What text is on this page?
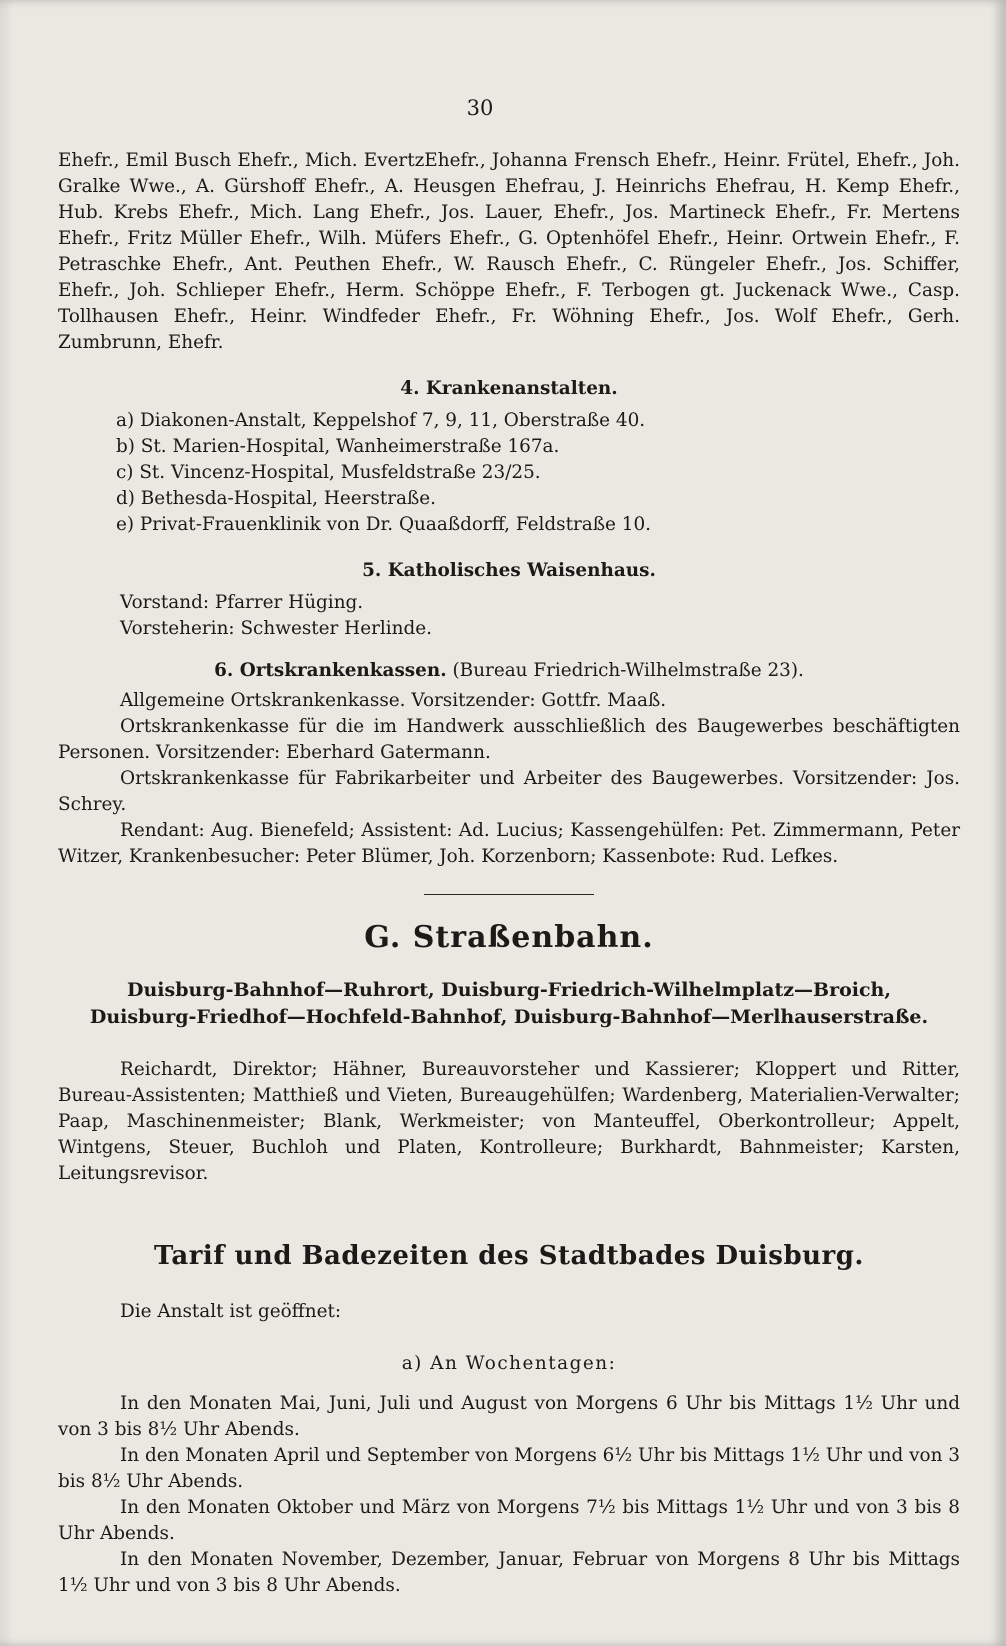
30

Ehefr., Emil Busch Ehefr., Mich. EvertzEhefr., Johanna Frensch Ehefr., Heinr. Frütel, Ehefr., Joh. Gralke Wwe., A. Gürshoff Ehefr., A. Heusgen Ehefrau, J. Heinrichs Ehefrau, H. Kemp Ehefr., Hub. Krebs Ehefr., Mich. Lang Ehefr., Jos. Lauer, Ehefr., Jos. Martineck Ehefr., Fr. Mertens Ehefr., Fritz Müller Ehefr., Wilh. Müfers Ehefr., G. Optenhöfel Ehefr., Heinr. Ortwein Ehefr., F. Petraschke Ehefr., Ant. Peuthen Ehefr., W. Rausch Ehefr., C. Rüngeler Ehefr., Jos. Schiffer, Ehefr., Joh. Schlieper Ehefr., Herm. Schöppe Ehefr., F. Terbogen gt. Juckenack Wwe., Casp. Tollhausen Ehefr., Heinr. Windfeder Ehefr., Fr. Wöhning Ehefr., Jos. Wolf Ehefr., Gerh. Zumbrunn, Ehefr.

4. Krankenanstalten.

a) Diakonen-Anstalt, Keppelshof 7, 9, 11, Oberstraße 40.

b) St. Marien-Hospital, Wanheimerstraße 167a.

c) St. Vincenz-Hospital, Musfeldstraße 23/25.

d) Bethesda-Hospital, Heerstraße.

e) Privat-Frauenklinik von Dr. Quaaßdorff, Feldstraße 10.

5. Katholisches Waisenhaus.

Vorstand: Pfarrer Hüging.

Vorsteherin: Schwester Herlinde.

6. Ortskrankenkassen. (Bureau Friedrich-Wilhelmstraße 23).

Allgemeine Ortskrankenkasse. Vorsitzender: Gottfr. Maaß.

Ortskrankenkasse für die im Handwerk ausschließlich des Baugewerbes beschäftigten Personen. Vorsitzender: Eberhard Gatermann.

Ortskrankenkasse für Fabrikarbeiter und Arbeiter des Baugewerbes. Vorsitzender: Jos. Schrey.

Rendant: Aug. Bienefeld; Assistent: Ad. Lucius; Kassengehülfen: Pet. Zimmermann, Peter Witzer, Krankenbesucher: Peter Blümer, Joh. Korzenborn; Kassenbote: Rud. Lefkes.

G. Straßenbahn.

Duisburg-Bahnhof—Ruhrort, Duisburg-Friedrich-Wilhelmplatz—Broich,

Duisburg-Friedhof—Hochfeld-Bahnhof, Duisburg-Bahnhof—Merlhauserstraße.

Reichardt, Direktor; Hähner, Bureauvorsteher und Kassierer; Kloppert und Ritter, Bureau-Assistenten; Matthieß und Vieten, Bureaugehülfen; Wardenberg, Materialien-Verwalter; Paap, Maschinenmeister; Blank, Werkmeister; von Manteuffel, Oberkontrolleur; Appelt, Wintgens, Steuer, Buchloh und Platen, Kontrolleure; Burkhardt, Bahnmeister; Karsten, Leitungsrevisor.

Tarif und Badezeiten des Stadtbades Duisburg.

Die Anstalt ist geöffnet:

a) An Wochentagen:

In den Monaten Mai, Juni, Juli und August von Morgens 6 Uhr bis Mittags 1½ Uhr und von 3 bis 8½ Uhr Abends.

In den Monaten April und September von Morgens 6½ Uhr bis Mittags 1½ Uhr und von 3 bis 8½ Uhr Abends.

In den Monaten Oktober und März von Morgens 7½ bis Mittags 1½ Uhr und von 3 bis 8 Uhr Abends.

In den Monaten November, Dezember, Januar, Februar von Morgens 8 Uhr bis Mittags 1½ Uhr und von 3 bis 8 Uhr Abends.
